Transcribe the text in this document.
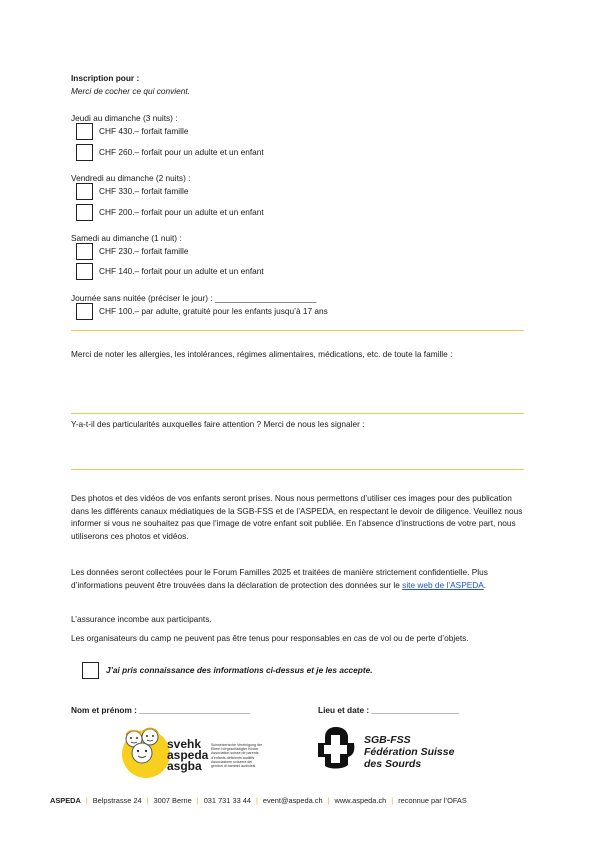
Inscription pour :
Merci de cocher ce qui convient.
Jeudi au dimanche (3 nuits) :
CHF 430.– forfait famille
CHF 260.– forfait pour un adulte et un enfant
Vendredi au dimanche (2 nuits) :
CHF 330.– forfait famille
CHF 200.– forfait pour un adulte et un enfant
Samedi au dimanche (1 nuit) :
CHF 230.– forfait famille
CHF 140.– forfait pour un adulte et un enfant
Journée sans nuitée (préciser le jour) : ______________________
CHF 100.– par adulte, gratuité pour les enfants jusqu’à 17 ans
Merci de noter les allergies, les intolérances, régimes alimentaires, médications, etc. de toute la famille :
Y-a-t-il des particularités auxquelles faire attention ? Merci de nous les signaler :
Des photos et des vidéos de vos enfants seront prises. Nous nous permettons d’utiliser ces images pour des publication dans les différents canaux médiatiques de la SGB-FSS et de l’ASPEDA, en respectant le devoir de diligence. Veuillez nous informer si vous ne souhaitez pas que l’image de votre enfant soit publiée. En l’absence d’instructions de votre part, nous utiliserons ces photos et vidéos.
Les données seront collectées pour le Forum Familles 2025 et traitées de manière strictement confidentielle. Plus d’informations peuvent être trouvées dans la déclaration de protection des données sur le site web de l’ASPEDA.
L’assurance incombe aux participants.
Les organisateurs du camp ne peuvent pas être tenus pour responsables en cas de vol ou de perte d’objets.
J’ai pris connaissance des informations ci-dessus et je les accepte.
Nom et prénom : ________________________	Lieu et date : ___________________
svehk
aspeda
asgba
Schweizerische Vereinigung der
Eltern hörgeschädigter Kinder
Association suisse de parents
d’enfants déficients auditifs
Associazione svizzera dei
genitori di bambini audiolesi
SGB-FSS
Fédération Suisse
des Sourds
ASPEDA | Belpstrasse 24 | 3007 Berne | 031 731 33 44 | event@aspeda.ch | www.aspeda.ch | reconnue par l’OFAS
